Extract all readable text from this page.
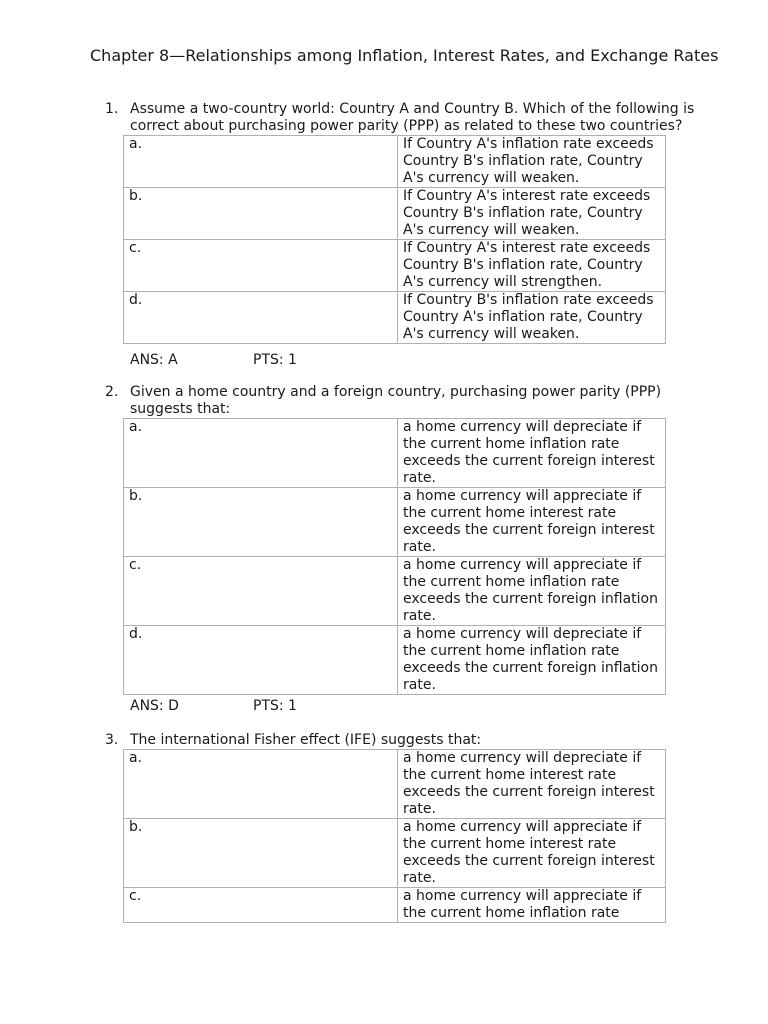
Chapter 8—Relationships among Inflation, Interest Rates, and Exchange Rates
1. Assume a two-country world: Country A and Country B. Which of the following is correct about purchasing power parity (PPP) as related to these two countries?
a.	If Country A's inflation rate exceeds Country B's inflation rate, Country A's currency will weaken.
b.	If Country A's interest rate exceeds Country B's inflation rate, Country A's currency will weaken.
c.	If Country A's interest rate exceeds Country B's inflation rate, Country A's currency will strengthen.
d.	If Country B's inflation rate exceeds Country A's inflation rate, Country A's currency will weaken.
ANS: A	PTS: 1
2. Given a home country and a foreign country, purchasing power parity (PPP) suggests that:
a.	a home currency will depreciate if the current home inflation rate exceeds the current foreign interest rate.
b.	a home currency will appreciate if the current home interest rate exceeds the current foreign interest rate.
c.	a home currency will appreciate if the current home inflation rate exceeds the current foreign inflation rate.
d.	a home currency will depreciate if the current home inflation rate exceeds the current foreign inflation rate.
ANS: D	PTS: 1
3. The international Fisher effect (IFE) suggests that:
a.	a home currency will depreciate if the current home interest rate exceeds the current foreign interest rate.
b.	a home currency will appreciate if the current home interest rate exceeds the current foreign interest rate.
c.	a home currency will appreciate if the current home inflation rate
